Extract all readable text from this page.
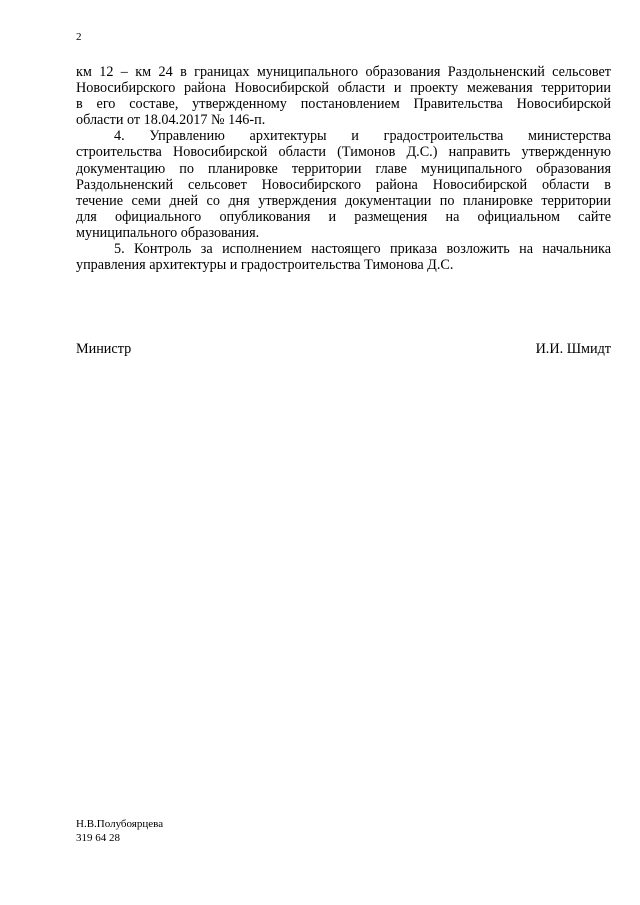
2
км 12 – км 24 в границах муниципального образования Раздольненский сельсовет
Новосибирского района Новосибирской области и проекту межевания территории
в его составе, утвержденному постановлением Правительства Новосибирской
области от 18.04.2017 № 146-п.
4. Управлению архитектуры и градостроительства министерства
строительства Новосибирской области (Тимонов Д.С.) направить утвержденную
документацию по планировке территории главе муниципального образования
Раздольненский сельсовет Новосибирского района Новосибирской области в
течение семи дней со дня утверждения документации по планировке территории
для официального опубликования и размещения на официальном сайте
муниципального образования.
5. Контроль за исполнением настоящего приказа возложить на начальника
управления архитектуры и градостроительства Тимонова Д.С.
Министр	И.И. Шмидт
Н.В.Полубоярцева
319 64 28
